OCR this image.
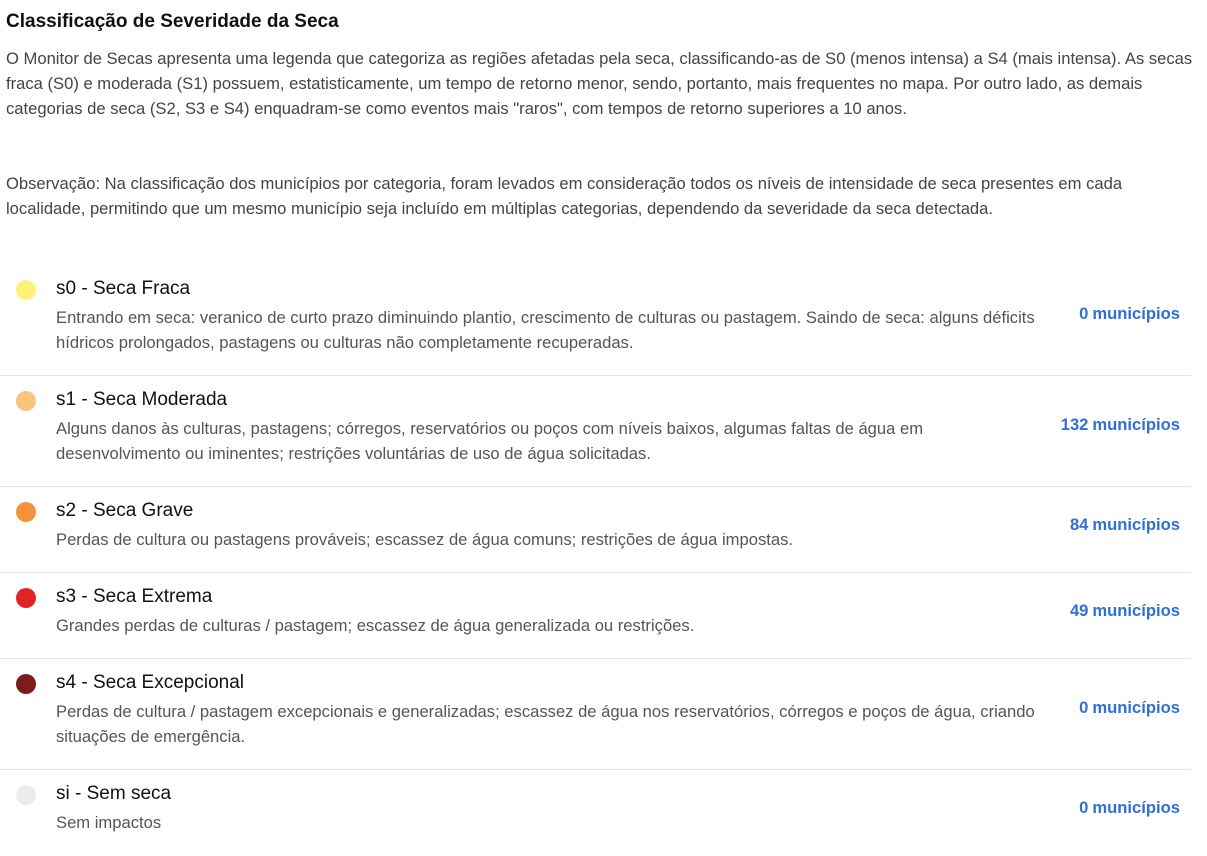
Classificação de Severidade da Seca

O Monitor de Secas apresenta uma legenda que categoriza as regiões afetadas pela seca, classificando-as de S0 (menos intensa) a S4 (mais intensa). As secas fraca (S0) e moderada (S1) possuem, estatisticamente, um tempo de retorno menor, sendo, portanto, mais frequentes no mapa. Por outro lado, as demais categorias de seca (S2, S3 e S4) enquadram-se como eventos mais "raros", com tempos de retorno superiores a 10 anos.

Observação: Na classificação dos municípios por categoria, foram levados em consideração todos os níveis de intensidade de seca presentes em cada localidade, permitindo que um mesmo município seja incluído em múltiplas categorias, dependendo da severidade da seca detectada.

s0 - Seca Fraca
Entrando em seca: veranico de curto prazo diminuindo plantio, crescimento de culturas ou pastagem. Saindo de seca: alguns déficits hídricos prolongados, pastagens ou culturas não completamente recuperadas.
0 municípios
s1 - Seca Moderada
Alguns danos às culturas, pastagens; córregos, reservatórios ou poços com níveis baixos, algumas faltas de água em desenvolvimento ou iminentes; restrições voluntárias de uso de água solicitadas.
132 municípios
s2 - Seca Grave
Perdas de cultura ou pastagens prováveis; escassez de água comuns; restrições de água impostas.
84 municípios
s3 - Seca Extrema
Grandes perdas de culturas / pastagem; escassez de água generalizada ou restrições.
49 municípios
s4 - Seca Excepcional
Perdas de cultura / pastagem excepcionais e generalizadas; escassez de água nos reservatórios, córregos e poços de água, criando situações de emergência.
0 municípios
si - Sem seca
Sem impactos
0 municípios
